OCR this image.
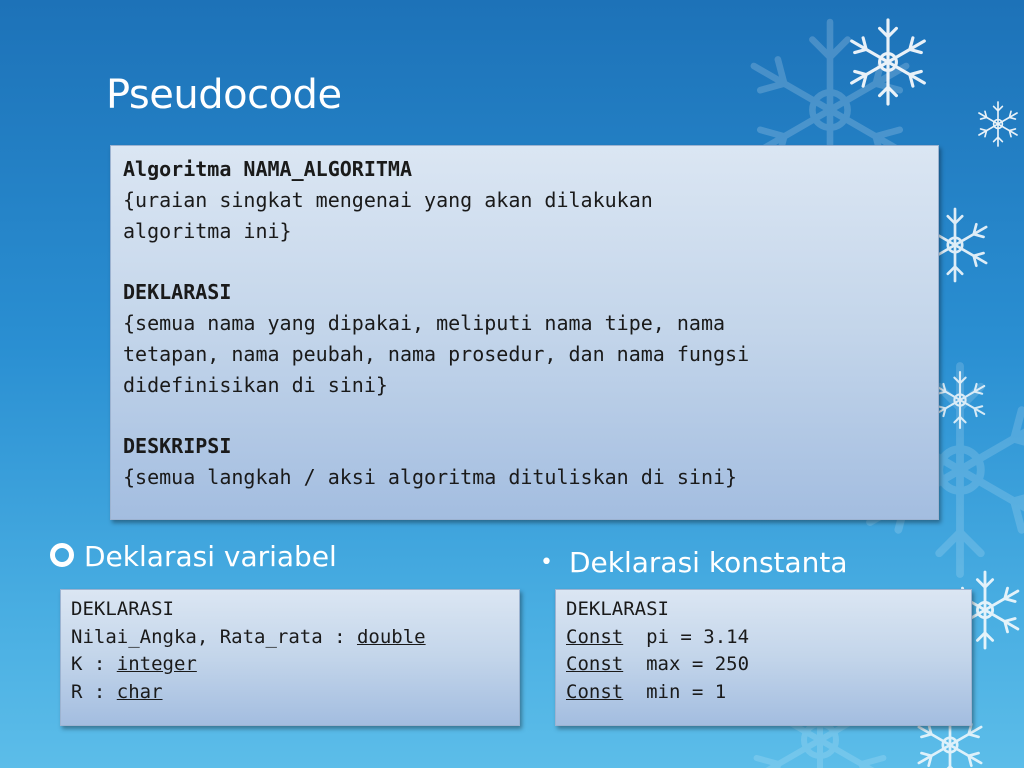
Pseudocode
Algoritma NAMA_ALGORITMA
{uraian singkat mengenai yang akan dilakukan
algoritma ini}
DEKLARASI
{semua nama yang dipakai, meliputi nama tipe, nama
tetapan, nama peubah, nama prosedur, dan nama fungsi
didefinisikan di sini}
DESKRIPSI
{semua langkah / aksi algoritma dituliskan di sini}
Deklarasi variabel	• Deklarasi konstanta
DEKLARASI
Nilai_Angka, Rata_rata : double
K : integer
R : char
DEKLARASI
Const  pi = 3.14
Const  max = 250
Const  min = 1
